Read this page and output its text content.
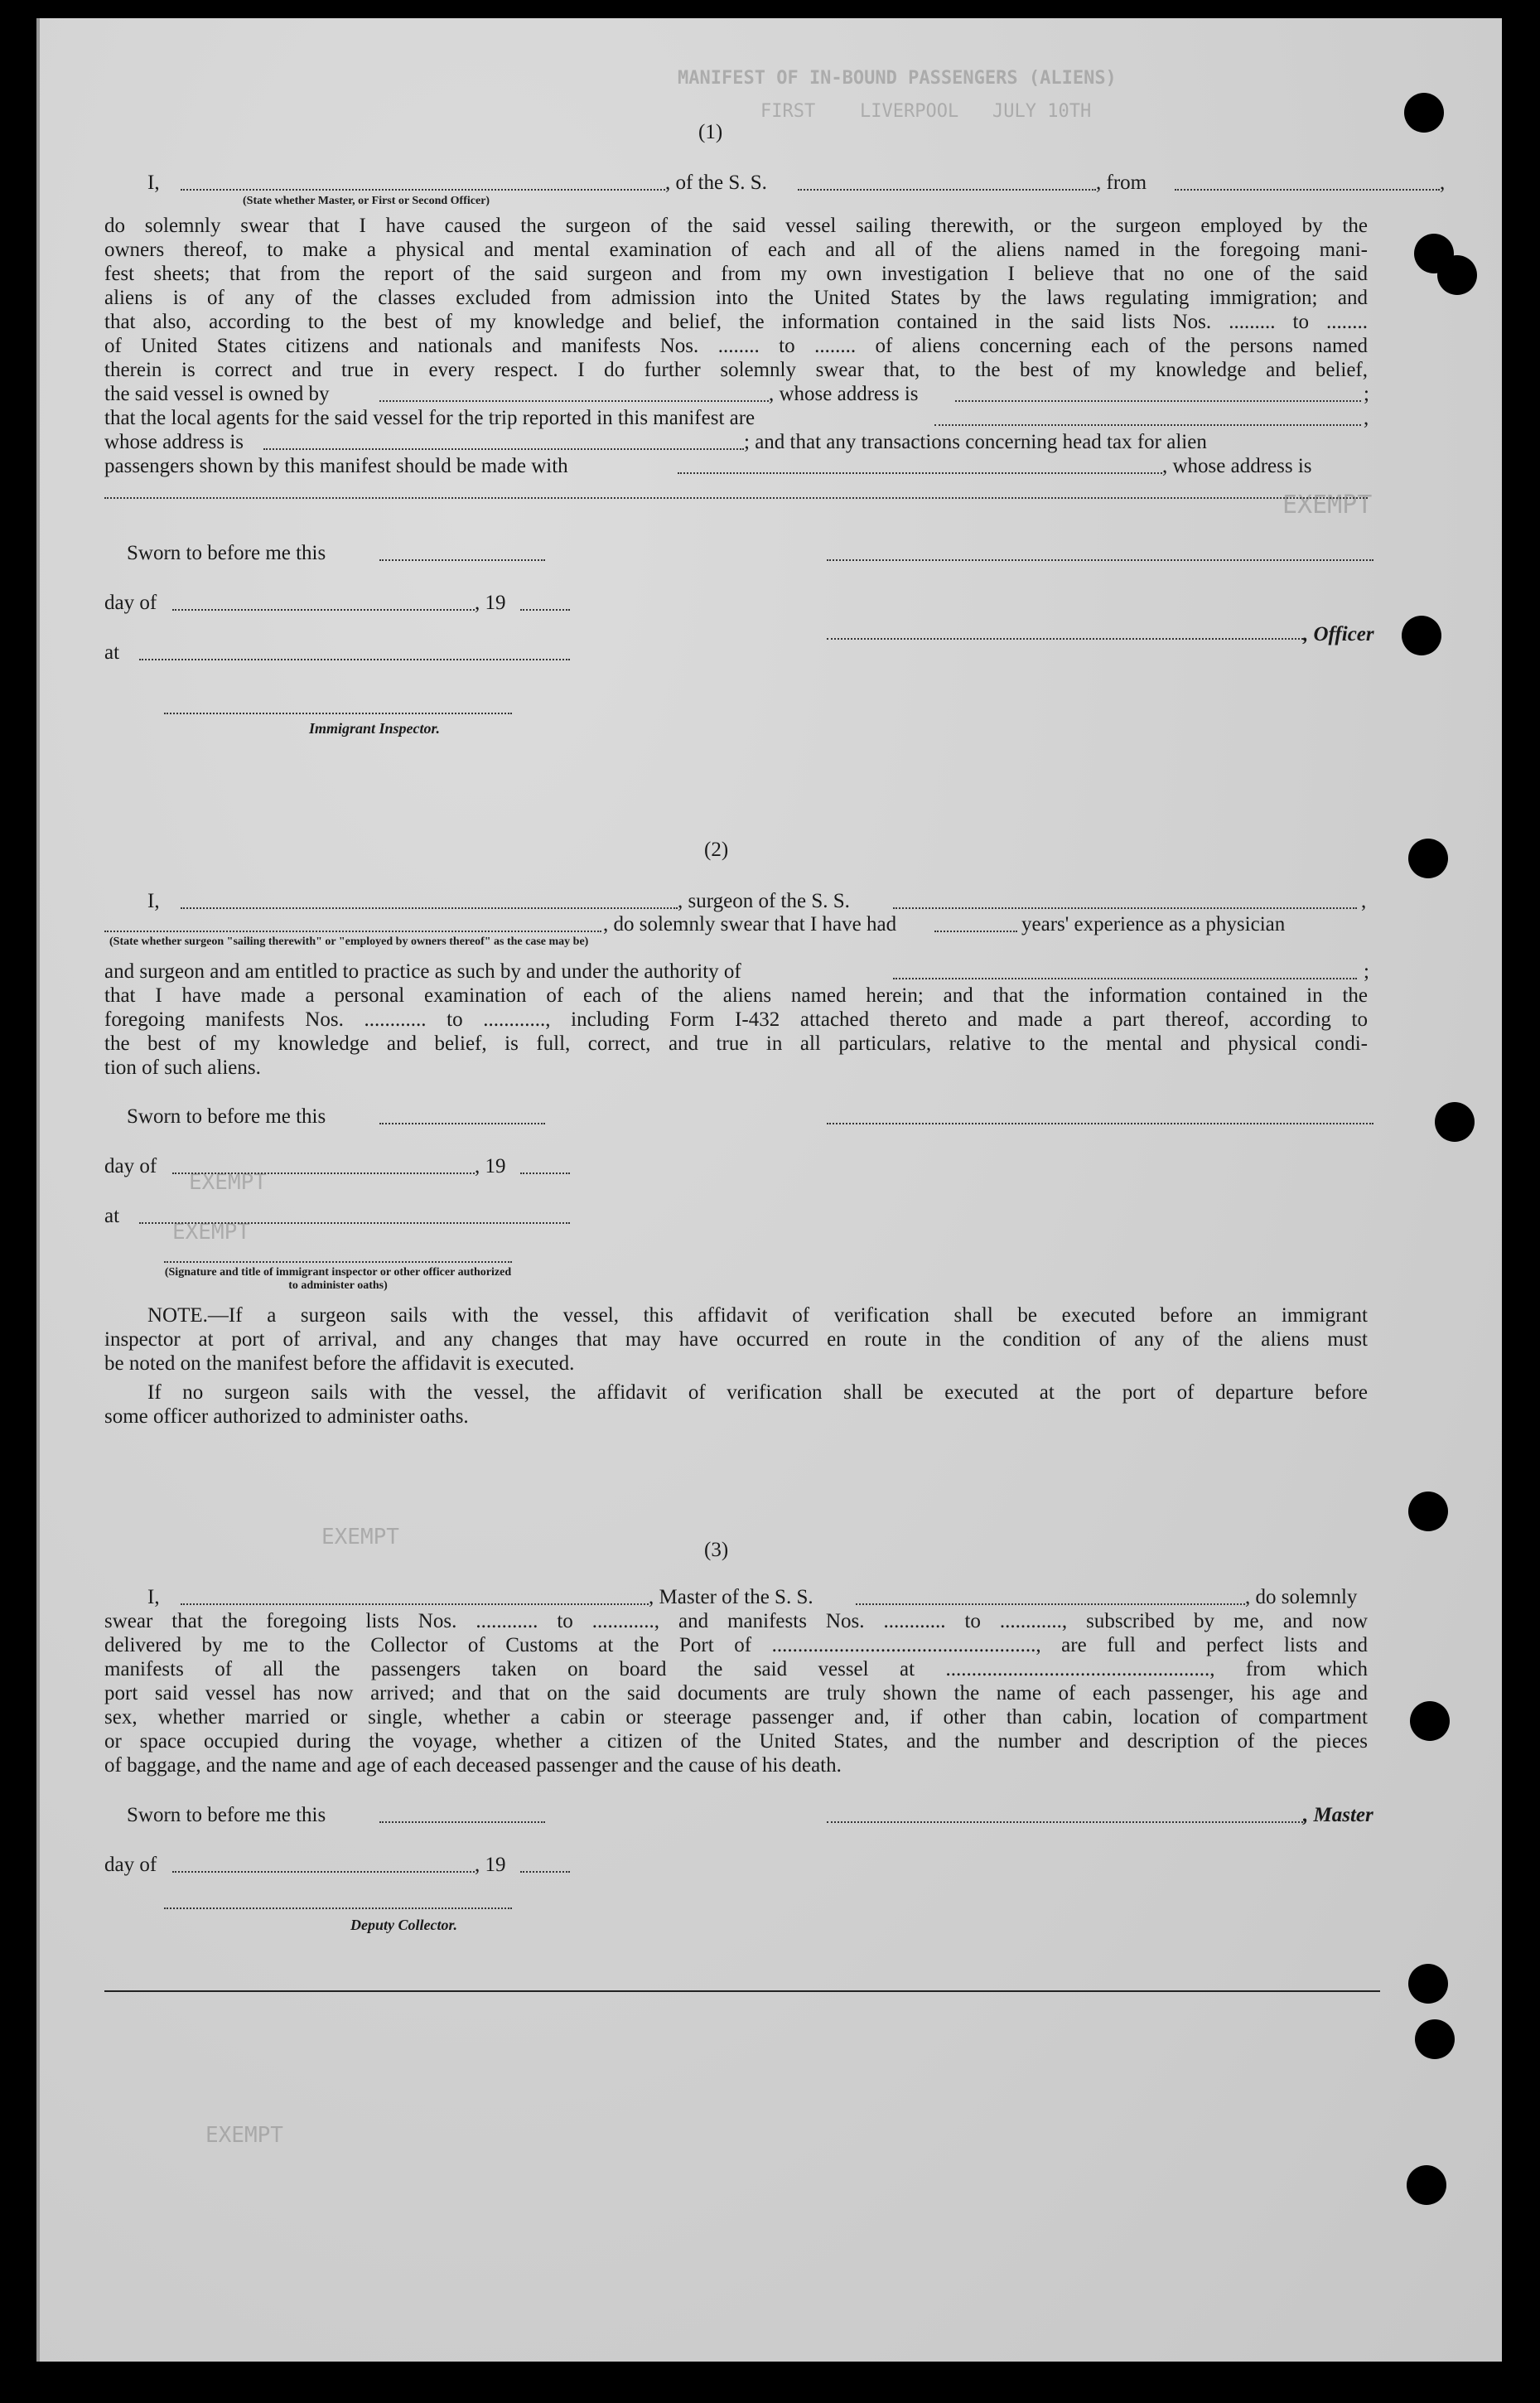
MANIFEST OF IN-BOUND PASSENGERS (ALIENS)
FIRST LIVERPOOL JULY 10TH
EXEMPT
EXEMPT
EXEMPT
EXEMPT
EXEMPT
(1)
I,	, of the S. S.	, from	,
(State whether Master, or First or Second Officer)
do solemnly swear that I have caused the surgeon of the said vessel sailing therewith, or the surgeon employed by the
owners thereof, to make a physical and mental examination of each and all of the aliens named in the foregoing mani-
fest sheets; that from the report of the said surgeon and from my own investigation I believe that no one of the said
aliens is of any of the classes excluded from admission into the United States by the laws regulating immigration; and
that also, according to the best of my knowledge and belief, the information contained in the said lists Nos. ......... to ........
of United States citizens and nationals and manifests Nos. ........ to ........ of aliens concerning each of the persons named
therein is correct and true in every respect. I do further solemnly swear that, to the best of my knowledge and belief,
the said vessel is owned by	, whose address is	;
that the local agents for the said vessel for the trip reported in this manifest are	,
whose address is	; and that any transactions concerning head tax for alien
passengers shown by this manifest should be made with	, whose address is
Sworn to before me this
day of	, 19
at
, Officer
Immigrant Inspector.
(2)
I,	, surgeon of the S. S.	,
, do solemnly swear that I have had	years' experience as a physician
(State whether surgeon "sailing therewith" or "employed by owners thereof" as the case may be)
and surgeon and am entitled to practice as such by and under the authority of	;
that I have made a personal examination of each of the aliens named herein; and that the information contained in the
foregoing manifests Nos. ............ to ............, including Form I-432 attached thereto and made a part thereof, according to
the best of my knowledge and belief, is full, correct, and true in all particulars, relative to the mental and physical condi-
tion of such aliens.
Sworn to before me this
day of	, 19
at
(Signature and title of immigrant inspector or other officer authorized to administer oaths)
NOTE.—If a surgeon sails with the vessel, this affidavit of verification shall be executed before an immigrant
inspector at port of arrival, and any changes that may have occurred en route in the condition of any of the aliens must
be noted on the manifest before the affidavit is executed.
If no surgeon sails with the vessel, the affidavit of verification shall be executed at the port of departure before
some officer authorized to administer oaths.
(3)
I,	, Master of the S. S.	, do solemnly
swear that the foregoing lists Nos. ............ to ............, and manifests Nos. ............ to ............, subscribed by me, and now
delivered by me to the Collector of Customs at the Port of ..................................................., are full and perfect lists and
manifests of all the passengers taken on board the said vessel at ..................................................., from which
port said vessel has now arrived; and that on the said documents are truly shown the name of each passenger, his age and
sex, whether married or single, whether a cabin or steerage passenger and, if other than cabin, location of compartment
or space occupied during the voyage, whether a citizen of the United States, and the number and description of the pieces
of baggage, and the name and age of each deceased passenger and the cause of his death.
Sworn to before me this	, Master
day of	, 19
Deputy Collector.
